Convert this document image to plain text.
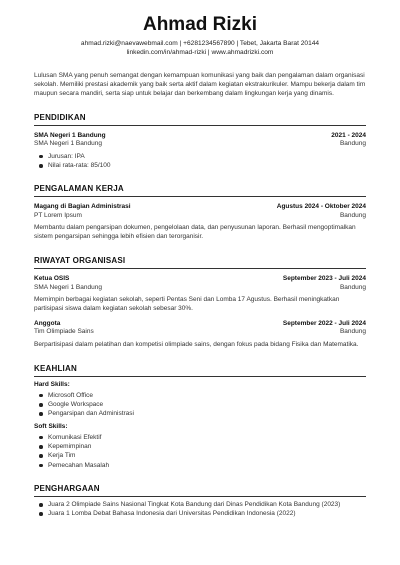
Ahmad Rizki
ahmad.rizki@naevawebmail.com | +6281234567890 | Tebet, Jakarta Barat 20144
linkedin.com/in/ahmad-rizki | www.ahmadrizki.com
Lulusan SMA yang penuh semangat dengan kemampuan komunikasi yang baik dan pengalaman dalam organisasi sekolah. Memiliki prestasi akademik yang baik serta aktif dalam kegiatan ekstrakurikuler. Mampu bekerja dalam tim maupun secara mandiri, serta siap untuk belajar dan berkembang dalam lingkungan kerja yang dinamis.
PENDIDIKAN
SMA Negeri 1 Bandung	2021 - 2024
SMA Negeri 1 Bandung	Bandung
Jurusan: IPA
Nilai rata-rata: 85/100
PENGALAMAN KERJA
Magang di Bagian Administrasi	Agustus 2024 - Oktober 2024
PT Lorem Ipsum	Bandung
Membantu dalam pengarsipan dokumen, pengelolaan data, dan penyusunan laporan. Berhasil mengoptimalkan sistem pengarsipan sehingga lebih efisien dan terorganisir.
RIWAYAT ORGANISASI
Ketua OSIS	September 2023 - Juli 2024
SMA Negeri 1 Bandung	Bandung
Memimpin berbagai kegiatan sekolah, seperti Pentas Seni dan Lomba 17 Agustus. Berhasil meningkatkan partisipasi siswa dalam kegiatan sekolah sebesar 30%.
Anggota	September 2022 - Juli 2024
Tim Olimpiade Sains	Bandung
Berpartisipasi dalam pelatihan dan kompetisi olimpiade sains, dengan fokus pada bidang Fisika dan Matematika.
KEAHLIAN
Hard Skills:
Microsoft Office
Google Workspace
Pengarsipan dan Administrasi
Soft Skills:
Komunikasi Efektif
Kepemimpinan
Kerja Tim
Pemecahan Masalah
PENGHARGAAN
Juara 2 Olimpiade Sains Nasional Tingkat Kota Bandung dari Dinas Pendidikan Kota Bandung (2023)
Juara 1 Lomba Debat Bahasa Indonesia dari Universitas Pendidikan Indonesia (2022)
